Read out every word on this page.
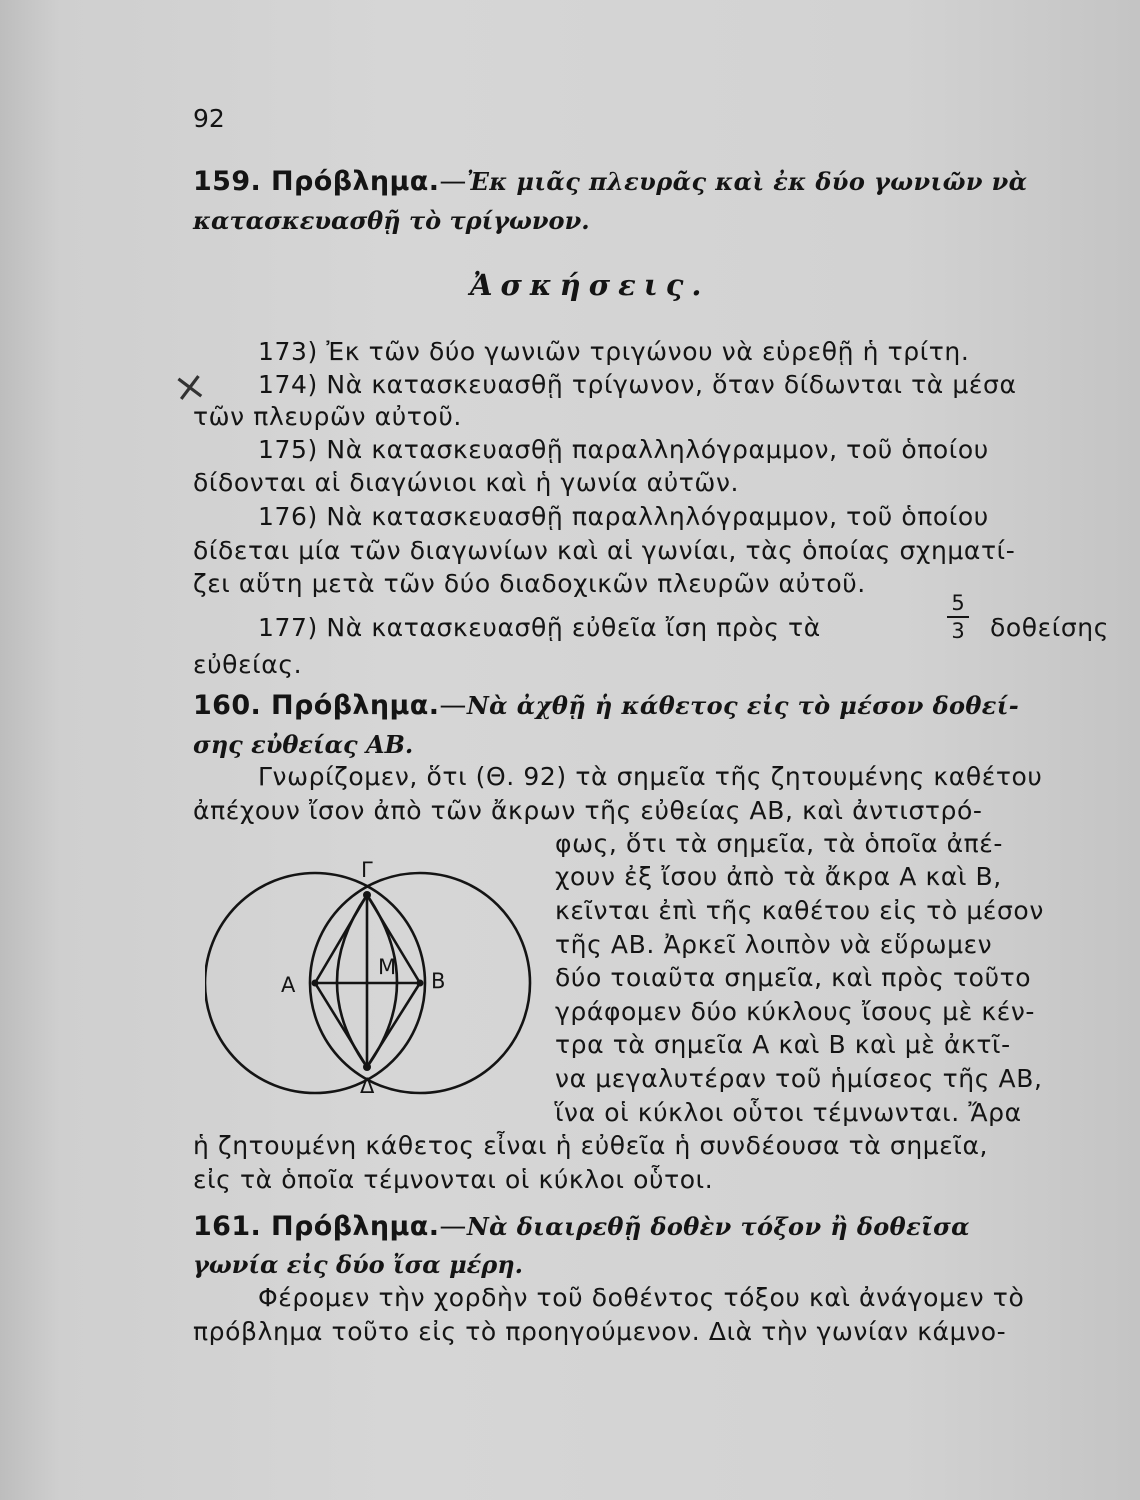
92
159. Πρόβλημα.—Ἐκ μιᾶς πλευρᾶς καὶ ἐκ δύο γωνιῶν νὰ
κατασκευασθῇ τὸ τρίγωνον.
Ἀσκήσεις.
173) Ἐκ τῶν δύο γωνιῶν τριγώνου νὰ εὑρεθῇ ἡ τρίτη.
⨯ 174) Νὰ κατασκευασθῇ τρίγωνον, ὅταν δίδωνται τὰ μέσα
τῶν πλευρῶν αὐτοῦ.
175) Νὰ κατασκευασθῇ παραλληλόγραμμον, τοῦ ὁποίου
δίδονται αἱ διαγώνιοι καὶ ἡ γωνία αὐτῶν.
176) Νὰ κατασκευασθῇ παραλληλόγραμμον, τοῦ ὁποίου
δίδεται μία τῶν διαγωνίων καὶ αἱ γωνίαι, τὰς ὁποίας σχηματί-
ζει αὕτη μετὰ τῶν δύο διαδοχικῶν πλευρῶν αὐτοῦ.
177) Νὰ κατασκευασθῇ εὐθεῖα ἴση πρὸς τὰ
5
3	δοθείσης
εὐθείας.
160. Πρόβλημα.—Νὰ ἀχθῇ ἡ κάθετος εἰς τὸ μέσον δοθεί-
σης εὐθείας ΑΒ.
Γνωρίζομεν, ὅτι (Θ. 92) τὰ σημεῖα τῆς ζητουμένης καθέτου
ἀπέχουν ἴσον ἀπὸ τῶν ἄκρων τῆς εὐθείας ΑΒ, καὶ ἀντιστρό-
φως, ὅτι τὰ σημεῖα, τὰ ὁποῖα ἀπέ-
χουν ἐξ ἴσου ἀπὸ τὰ ἄκρα Α καὶ Β,
κεῖνται ἐπὶ τῆς καθέτου εἰς τὸ μέσον
τῆς ΑΒ. Ἀρκεῖ λοιπὸν νὰ εὕρωμεν
δύο τοιαῦτα σημεῖα, καὶ πρὸς τοῦτο
γράφομεν δύο κύκλους ἴσους μὲ κέν-
τρα τὰ σημεῖα Α καὶ Β καὶ μὲ ἀκτῖ-
να μεγαλυτέραν τοῦ ἡμίσεος τῆς ΑΒ,
ἵνα οἱ κύκλοι οὗτοι τέμνωνται. Ἄρα
ἡ ζητουμένη κάθετος εἶναι ἡ εὐθεῖα ἡ συνδέουσα τὰ σημεῖα,
εἰς τὰ ὁποῖα τέμνονται οἱ κύκλοι οὗτοι.
Γ
Α	Β
Μ
Δ
161. Πρόβλημα.—Νὰ διαιρεθῇ δοθὲν τόξον ἢ δοθεῖσα
γωνία εἰς δύο ἴσα μέρη.
Φέρομεν τὴν χορδὴν τοῦ δοθέντος τόξου καὶ ἀνάγομεν τὸ
πρόβλημα τοῦτο εἰς τὸ προηγούμενον. Διὰ τὴν γωνίαν κάμνο-
